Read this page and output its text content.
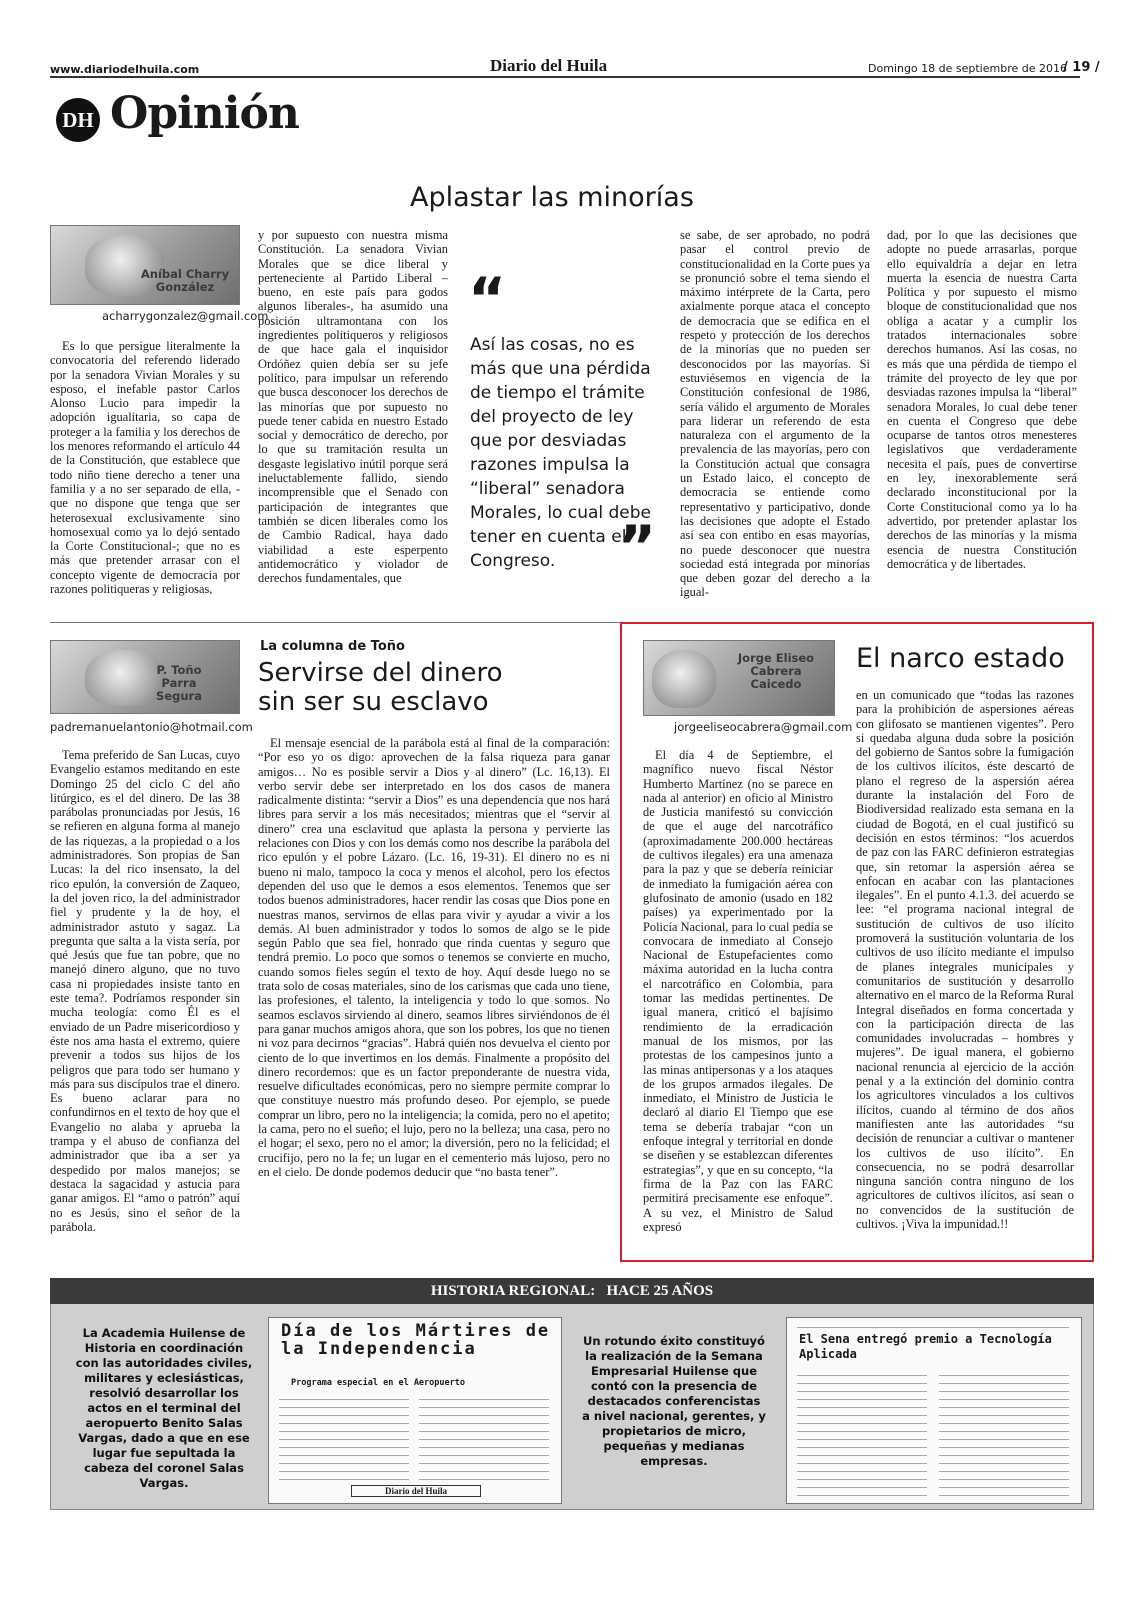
www.diariodelhuila.com	Diario del Huila	Domingo 18 de septiembre de 2016
/ 19 /
DH Opinión
Aplastar las minorías
Aníbal Charry González
acharrygonzalez@gmail.com

Es lo que persigue literalmente la convocatoria del referendo liderado por la senadora Vivian Morales y su esposo, el inefable pastor Carlos Alonso Lucio para impedir la adopción igualitaria, so capa de proteger a la familia y los derechos de los menores reformando el artículo 44 de la Constitución, que establece que todo niño tiene derecho a tener una familia y a no ser separado de ella, -que no dispone que tenga que ser heterosexual exclusivamente sino homosexual como ya lo dejó sentado la Corte Constitucional-; que no es más que pretender arrasar con el concepto vigente de democracia por razones politiqueras y religiosas,

y por supuesto con nuestra misma Constitución. La senadora Vivian Morales que se dice liberal y perteneciente al Partido Liberal –bueno, en este país para godos algunos liberales-, ha asumido una posición ultramontana con los ingredientes politiqueros y religiosos de que hace gala el inquisidor Ordóñez quien debía ser su jefe político, para impulsar un referendo que busca desconocer los derechos de las minorías que por supuesto no puede tener cabida en nuestro Estado social y democrático de derecho, por lo que su tramitación resulta un desgaste legislativo inútil porque será ineluctablemente fallido, siendo incomprensible que el Senado con participación de integrantes que también se dicen liberales como los de Cambio Radical, haya dado viabilidad a este esperpento antidemocrático y violador de derechos fundamentales, que

“
Así las cosas, no es más que una pérdida de tiempo el trámite del proyecto de ley que por desviadas razones impulsa la “liberal” senadora Morales, lo cual debe tener en cuenta el Congreso.	”

se sabe, de ser aprobado, no podrá pasar el control previo de constitucionalidad en la Corte pues ya se pronunció sobre el tema siendo el máximo intérprete de la Carta, pero axialmente porque ataca el concepto de democracia que se edifica en el respeto y protección de los derechos de la minorías que no pueden ser desconocidos por las mayorías. Si estuviésemos en vigencia de la Constitución confesional de 1986, sería válido el argumento de Morales para liderar un referendo de esta naturaleza con el argumento de la prevalencia de las mayorías, pero con la Constitución actual que consagra un Estado laico, el concepto de democracia se entiende como representativo y participativo, donde las decisiones que adopte el Estado así sea con entibo en esas mayorías, no puede desconocer que nuestra sociedad está integrada por minorías que deben gozar del derecho a la igual-

dad, por lo que las decisiones que adopte no puede arrasarlas, porque ello equivaldría a dejar en letra muerta la esencia de nuestra Carta Política y por supuesto el mismo bloque de constitucionalidad que nos obliga a acatar y a cumplir los tratados internacionales sobre derechos humanos. Así las cosas, no es más que una pérdida de tiempo el trámite del proyecto de ley que por desviadas razones impulsa la “liberal” senadora Morales, lo cual debe tener en cuenta el Congreso que debe ocuparse de tantos otros menesteres legislativos que verdaderamente necesita el país, pues de convertirse en ley, inexorablemente será declarado inconstitucional por la Corte Constitucional como ya lo ha advertido, por pretender aplastar los derechos de las minorías y la misma esencia de nuestra Constitución democrática y de libertades.

P. Toño Parra Segura
padremanuelantonio@hotmail.com
La columna de Toño
Servirse del dinero sin ser su esclavo

Tema preferido de San Lucas, cuyo Evangelio estamos meditando en este Domingo 25 del ciclo C del año litúrgico, es el del dinero. De las 38 parábolas pronunciadas por Jesús, 16 se refieren en alguna forma al manejo de las riquezas, a la propiedad o a los administradores. Son propias de San Lucas: la del rico insensato, la del rico epulón, la conversión de Zaqueo, la del joven rico, la del administrador fiel y prudente y la de hoy, el administrador astuto y sagaz. La pregunta que salta a la vista sería, por qué Jesús que fue tan pobre, que no manejó dinero alguno, que no tuvo casa ni propiedades insiste tanto en este tema?. Podríamos responder sin mucha teología: como Él es el enviado de un Padre misericordioso y éste nos ama hasta el extremo, quiere prevenir a todos sus hijos de los peligros que para todo ser humano y más para sus discípulos trae el dinero. Es bueno aclarar para no confundirnos en el texto de hoy que el Evangelio no alaba y aprueba la trampa y el abuso de confianza del administrador que iba a ser ya despedido por malos manejos; se destaca la sagacidad y astucia para ganar amigos. El “amo o patrón” aquí no es Jesús, sino el señor de la parábola.

El mensaje esencial de la parábola está al final de la comparación: “Por eso yo os digo: aprovechen de la falsa riqueza para ganar amigos… No es posible servir a Dios y al dinero” (Lc. 16,13). El verbo servir debe ser interpretado en los dos casos de manera radicalmente distinta: “servir a Dios” es una dependencia que nos hará libres para servir a los más necesitados; mientras que el “servir al dinero” crea una esclavitud que aplasta la persona y pervierte las relaciones con Dios y con los demás como nos describe la parábola del rico epulón y el pobre Lázaro. (Lc. 16, 19-31). El dinero no es ni bueno ni malo, tampoco la coca y menos el alcohol, pero los efectos dependen del uso que le demos a esos elementos. Tenemos que ser todos buenos administradores, hacer rendir las cosas que Dios pone en nuestras manos, servirnos de ellas para vivir y ayudar a vivir a los demás. Al buen administrador y todos lo somos de algo se le pide según Pablo que sea fiel, honrado que rinda cuentas y seguro que tendrá premio. Lo poco que somos o tenemos se convierte en mucho, cuando somos fieles según el texto de hoy. Aquí desde luego no se trata solo de cosas materiales, sino de los carismas que cada uno tiene, las profesiones, el talento, la inteligencia y todo lo que somos. No seamos esclavos sirviendo al dinero, seamos libres sirviéndonos de él para ganar muchos amigos ahora, que son los pobres, los que no tienen ni voz para decirnos “gracias”. Habrá quién nos devuelva el ciento por ciento de lo que invertimos en los demás. Finalmente a propósito del dinero recordemos: que es un factor preponderante de nuestra vida, resuelve dificultades económicas, pero no siempre permite comprar lo que constituye nuestro más profundo deseo. Por ejemplo, se puede comprar un libro, pero no la inteligencia; la comida, pero no el apetito; la cama, pero no el sueño; el lujo, pero no la belleza; una casa, pero no el hogar; el sexo, pero no el amor; la diversión, pero no la felicidad; el crucifijo, pero no la fe; un lugar en el cementerio más lujoso, pero no en el cielo. De donde podemos deducir que “no basta tener”.

Jorge Eliseo Cabrera Caicedo
jorgeeliseocabrera@gmail.com
El narco estado

El día 4 de Septiembre, el magnífico nuevo fiscal Néstor Humberto Martínez (no se parece en nada al anterior) en oficio al Ministro de Justicia manifestó su convicción de que el auge del narcotráfico (aproximadamente 200.000 hectáreas de cultivos ilegales) era una amenaza para la paz y que se debería reiniciar de inmediato la fumigación aérea con glufosinato de amonio (usado en 182 países) ya experimentado por la Policía Nacional, para lo cual pedía se convocara de inmediato al Consejo Nacional de Estupefacientes como máxima autoridad en la lucha contra el narcotráfico en Colombia, para tomar las medidas pertinentes. De igual manera, criticó el bajísimo rendimiento de la erradicación manual de los mismos, por las protestas de los campesinos junto a las minas antipersonas y a los ataques de los grupos armados ilegales. De inmediato, el Ministro de Justicia le declaró al diario El Tiempo que ese tema se debería trabajar “con un enfoque integral y territorial en donde se diseñen y se establezcan diferentes estrategias”, y que en su concepto, “la firma de la Paz con las FARC permitirá precisamente ese enfoque”. A su vez, el Ministro de Salud expresó

en un comunicado que “todas las razones para la prohibición de aspersiones aéreas con glifosato se mantienen vigentes”. Pero si quedaba alguna duda sobre la posición del gobierno de Santos sobre la fumigación de los cultivos ilícitos, éste descartó de plano el regreso de la aspersión aérea durante la instalación del Foro de Biodiversidad realizado esta semana en la ciudad de Bogotá, en el cual justificó su decisión en estos términos: “los acuerdos de paz con las FARC definieron estrategias que, sin retomar la aspersión aérea se enfocan en acabar con las plantaciones ilegales”. En el punto 4.1.3. del acuerdo se lee: “el programa nacional integral de sustitución de cultivos de uso ilícito promoverá la sustitución voluntaria de los cultivos de uso ilícito mediante el impulso de planes integrales municipales y comunitarios de sustitución y desarrollo alternativo en el marco de la Reforma Rural Integral diseñados en forma concertada y con la participación directa de las comunidades involucradas – hombres y mujeres”. De igual manera, el gobierno nacional renuncia al ejercicio de la acción penal y a la extinción del dominio contra los agricultores vinculados a los cultivos ilícitos, cuando al término de dos años manifiesten ante las autoridades “su decisión de renunciar a cultivar o mantener los cultivos de uso ilícito”. En consecuencia, no se podrá desarrollar ninguna sanción contra ninguno de los agricultores de cultivos ilícitos, así sean o no convencidos de la sustitución de cultivos. ¡Viva la impunidad.!!

HISTORIA REGIONAL:   HACE 25 AÑOS
La Academia Huilense de Historia en coordinación con las autoridades civiles, militares y eclesiásticas, resolvió desarrollar los actos en el terminal del aeropuerto Benito Salas Vargas, dado a que en ese lugar fue sepultada la cabeza del coronel Salas Vargas.
Día de los Mártires de la Independencia
Programa especial en el Aeropuerto
Diario del Huila
Un rotundo éxito constituyó la realización de la Semana Empresarial Huilense que contó con la presencia de destacados conferencistas a nivel nacional, gerentes, y propietarios de micro, pequeñas y medianas empresas.
El Sena entregó premio a Tecnología Aplicada
